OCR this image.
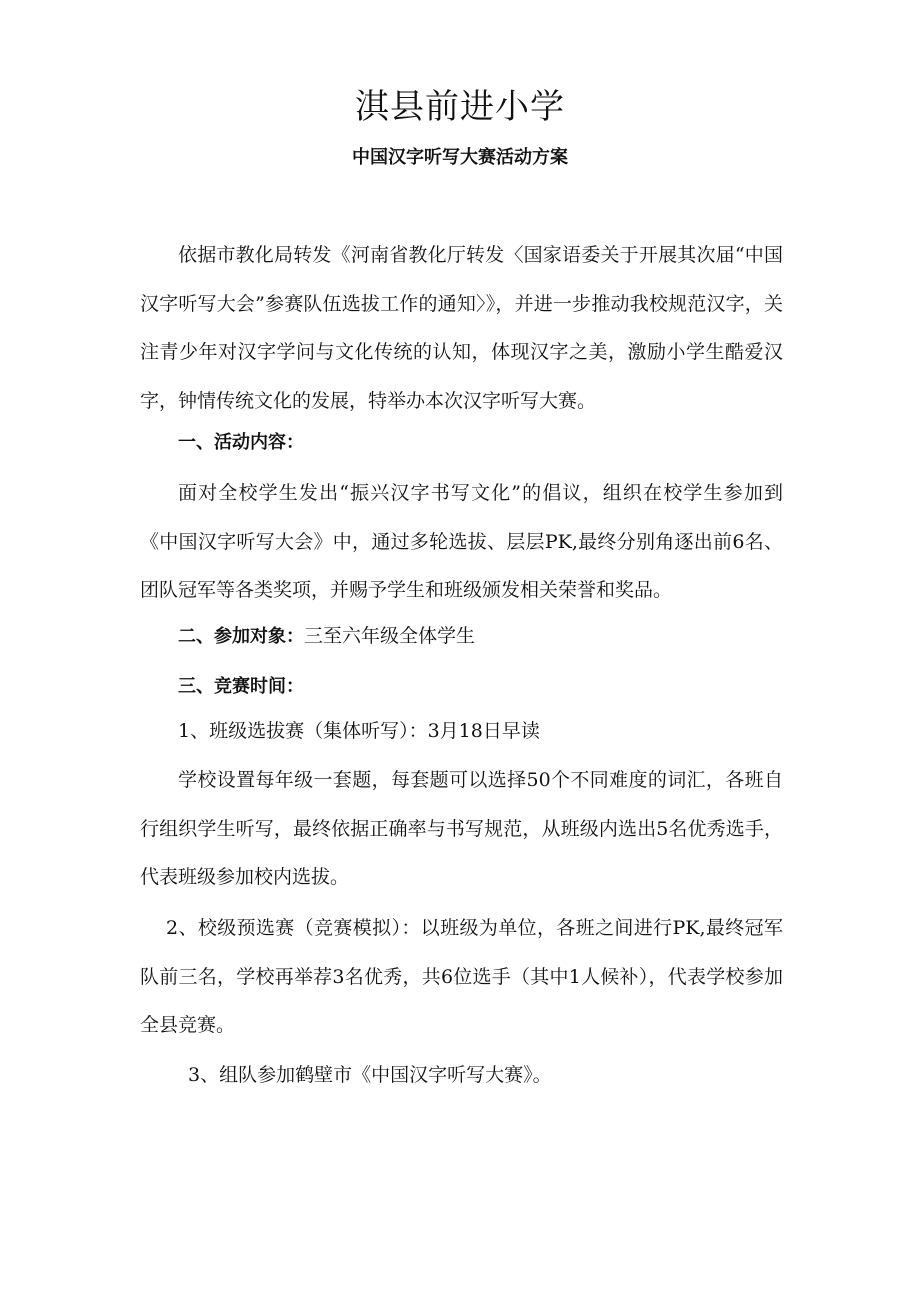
淇县前进小学
中国汉字听写大赛活动方案

依据市教化局转发《河南省教化厅转发〈国家语委关于开展其次届“中国汉字听写大会”参赛队伍选拔工作的通知〉》，并进一步推动我校规范汉字，关注青少年对汉字学问与文化传统的认知，体现汉字之美，激励小学生酷爱汉字，钟情传统文化的发展，特举办本次汉字听写大赛。

一、活动内容：

面对全校学生发出“振兴汉字书写文化”的倡议，组织在校学生参加到《中国汉字听写大会》中，通过多轮选拔、层层PK,最终分别角逐出前6名、团队冠军等各类奖项，并赐予学生和班级颁发相关荣誉和奖品。

二、参加对象：三至六年级全体学生

三、竞赛时间：

1、班级选拔赛（集体听写）：3月18日早读

学校设置每年级一套题，每套题可以选择50个不同难度的词汇，各班自行组织学生听写，最终依据正确率与书写规范，从班级内选出5名优秀选手，代表班级参加校内选拔。

2、校级预选赛（竞赛模拟）：以班级为单位，各班之间进行PK,最终冠军队前三名，学校再举荐3名优秀，共6位选手（其中1人候补），代表学校参加全县竞赛。

3、组队参加鹤壁市《中国汉字听写大赛》。
